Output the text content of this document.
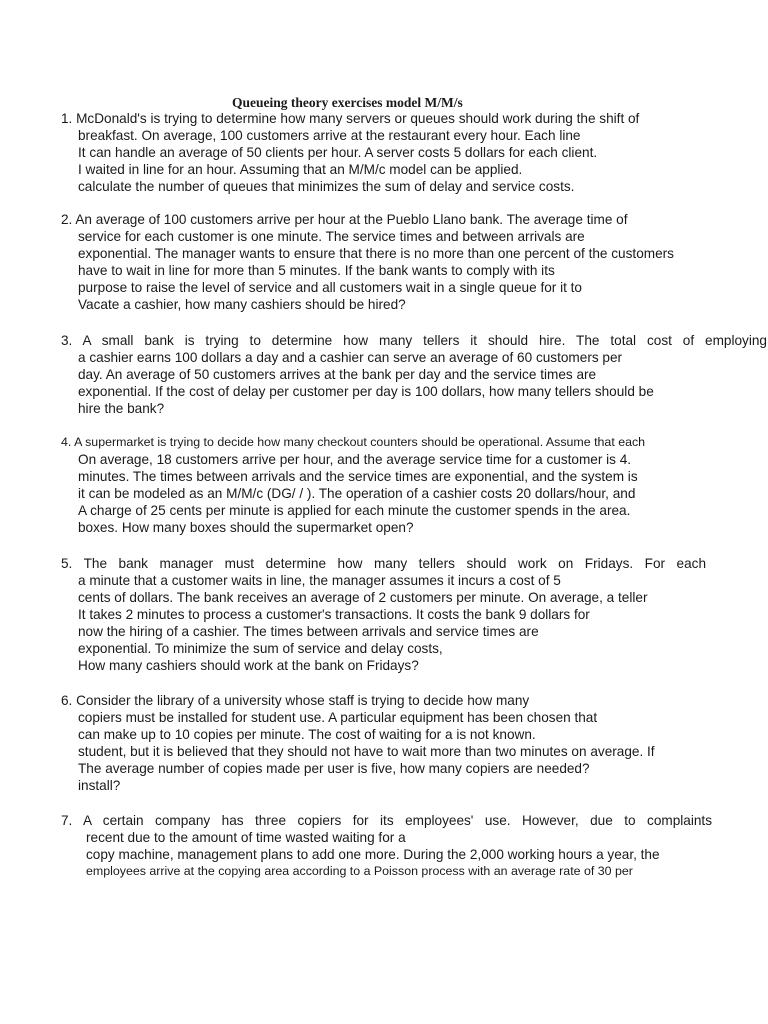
Queueing theory exercises model M/M/s
1. McDonald's is trying to determine how many servers or queues should work during the shift of
breakfast. On average, 100 customers arrive at the restaurant every hour. Each line
It can handle an average of 50 clients per hour. A server costs 5 dollars for each client.
I waited in line for an hour. Assuming that an M/M/c model can be applied.
calculate the number of queues that minimizes the sum of delay and service costs.
2. An average of 100 customers arrive per hour at the Pueblo Llano bank. The average time of
service for each customer is one minute. The service times and between arrivals are
exponential. The manager wants to ensure that there is no more than one percent of the customers
have to wait in line for more than 5 minutes. If the bank wants to comply with its
purpose to raise the level of service and all customers wait in a single queue for it to
Vacate a cashier, how many cashiers should be hired?
3. A small bank is trying to determine how many tellers it should hire. The total cost of employing
a cashier earns 100 dollars a day and a cashier can serve an average of 60 customers per
day. An average of 50 customers arrives at the bank per day and the service times are
exponential. If the cost of delay per customer per day is 100 dollars, how many tellers should be
hire the bank?
4. A supermarket is trying to decide how many checkout counters should be operational. Assume that each
On average, 18 customers arrive per hour, and the average service time for a customer is 4.
minutes. The times between arrivals and the service times are exponential, and the system is
it can be modeled as an M/M/c (DG/ / ). The operation of a cashier costs 20 dollars/hour, and
A charge of 25 cents per minute is applied for each minute the customer spends in the area.
boxes. How many boxes should the supermarket open?
5. The bank manager must determine how many tellers should work on Fridays. For each
a minute that a customer waits in line, the manager assumes it incurs a cost of 5
cents of dollars. The bank receives an average of 2 customers per minute. On average, a teller
It takes 2 minutes to process a customer's transactions. It costs the bank 9 dollars for
now the hiring of a cashier. The times between arrivals and service times are
exponential. To minimize the sum of service and delay costs,
How many cashiers should work at the bank on Fridays?
6. Consider the library of a university whose staff is trying to decide how many
copiers must be installed for student use. A particular equipment has been chosen that
can make up to 10 copies per minute. The cost of waiting for a is not known.
student, but it is believed that they should not have to wait more than two minutes on average. If
The average number of copies made per user is five, how many copiers are needed?
install?
7. A certain company has three copiers for its employees' use. However, due to complaints
recent due to the amount of time wasted waiting for a
copy machine, management plans to add one more. During the 2,000 working hours a year, the
employees arrive at the copying area according to a Poisson process with an average rate of 30 per
